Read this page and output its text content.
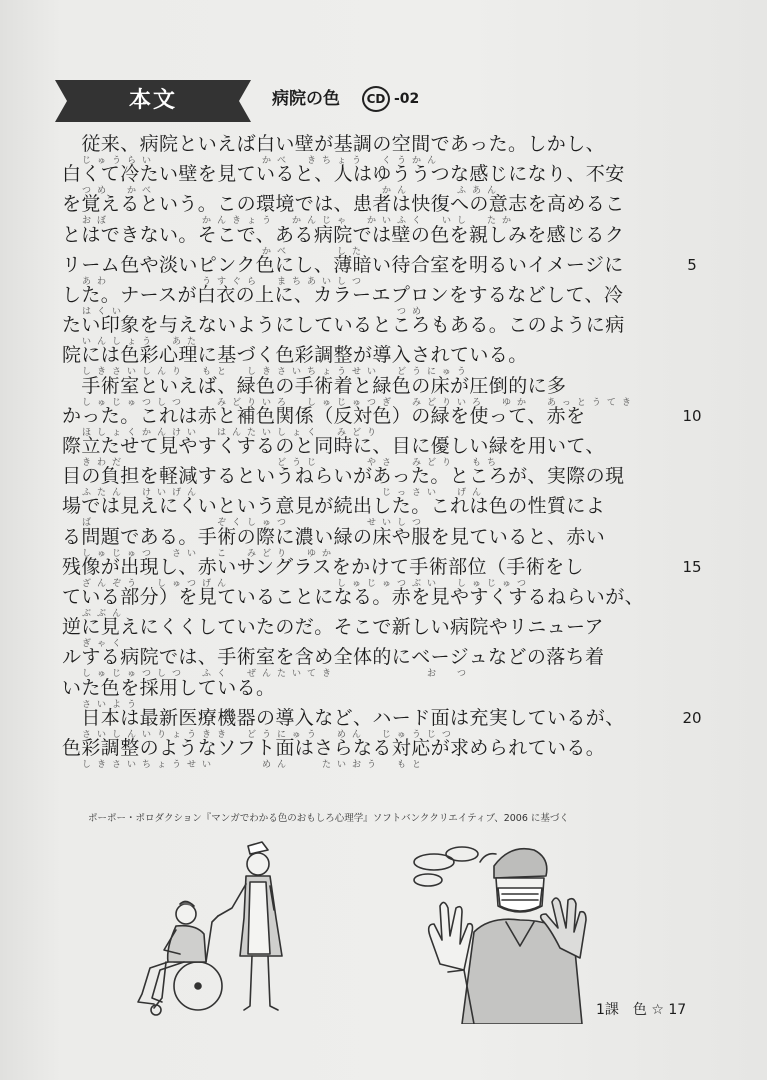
本文	病院の色	CD -02
　従来、病院といえば白い壁が基調の空間であった。しかし、
じゅうらい　　　　　　　かべ　きちょう　くうかん
白くて冷たい壁を見ていると、人はゆううつな感じになり、不安
つめ　かべ　　　　　　　　　　　　　　　かん　　　ふあん
を覚えるという。この環境では、患者は快復への意志を高めるこ
おぼ　　　　　　かんきょう　かんじゃ　かいふく　いし　たか
とはできない。そこで、ある病院では壁の色を親しみを感じるク
　　　　　　　　　　　　かべ　　　した
リーム色や淡いピンク色にし、薄暗い待合室を明るいイメージに
あわ　　　　　　うすぐら　まちあいしつ
した。ナースが白衣の上に、カラーエプロンをするなどして、冷
はくい　　　　　　　　　　　　　　　　　　つめ
たい印象を与えないようにしているところもある。このように病
いんしょう　あた
院には色彩心理に基づく色彩調整が導入されている。
しきさいしんり　もと　しきさいちょうせい　どうにゅう
　手術室といえば、緑色の手術着と緑色の床が圧倒的に多
しゅじゅつしつ　　みどりいろ　しゅじゅつぎ　みどりいろ　ゆか　あっとうてき
かった。これは赤と補色関係（反対色）の緑を使って、赤を
ほしょくかんけい　はんたいしょく　みどり
際立たせて見やすくするのと同時に、目に優しい緑を用いて、
きわだ　　　　　　　　　　どうじ　　　やさ　みどり　もち
目の負担を軽減するというねらいがあった。ところが、実際の現
ふたん　けいげん　　　　　　　　　　　　じっさい　げん
場では見えにくいという意見が続出した。これは色の性質によ
ば　　　　　　　　ぞくしゅつ　　　　　せいしつ
る問題である。手術の際に濃い緑の床や服を見ていると、赤い
しゅじゅつ　さい　こ　みどり　ゆか
残像が出現し、赤いサングラスをかけて手術部位（手術をし
ざんぞう　しゅつげん　　　　　　　しゅじゅつぶい　しゅじゅつ
ている部分）を見ていることになる。赤を見やすくするねらいが、
ぶぶん
逆に見えにくくしていたのだ。そこで新しい病院やリニューア
ぎゃく
ルする病院では、手術室を含め全体的にベージュなどの落ち着
しゅじゅつしつ　ふく　ぜんたいてき　　　　　　お　つ
いた色を採用している。
さいよう
　日本は最新医療機器の導入など、ハード面は充実しているが、
さいしんいりょうきき　どうにゅう　めん　じゅうじつ
色彩調整のようなソフト面はさらなる対応が求められている。
しきさいちょうせい　　　めん　　たいおう　もと
5
10
15
20
ポーポー・ポロダクション『マンガでわかる色のおもしろ心理学』ソフトバンククリエイティブ、2006 に基づく
1課　色 ☆ 17
